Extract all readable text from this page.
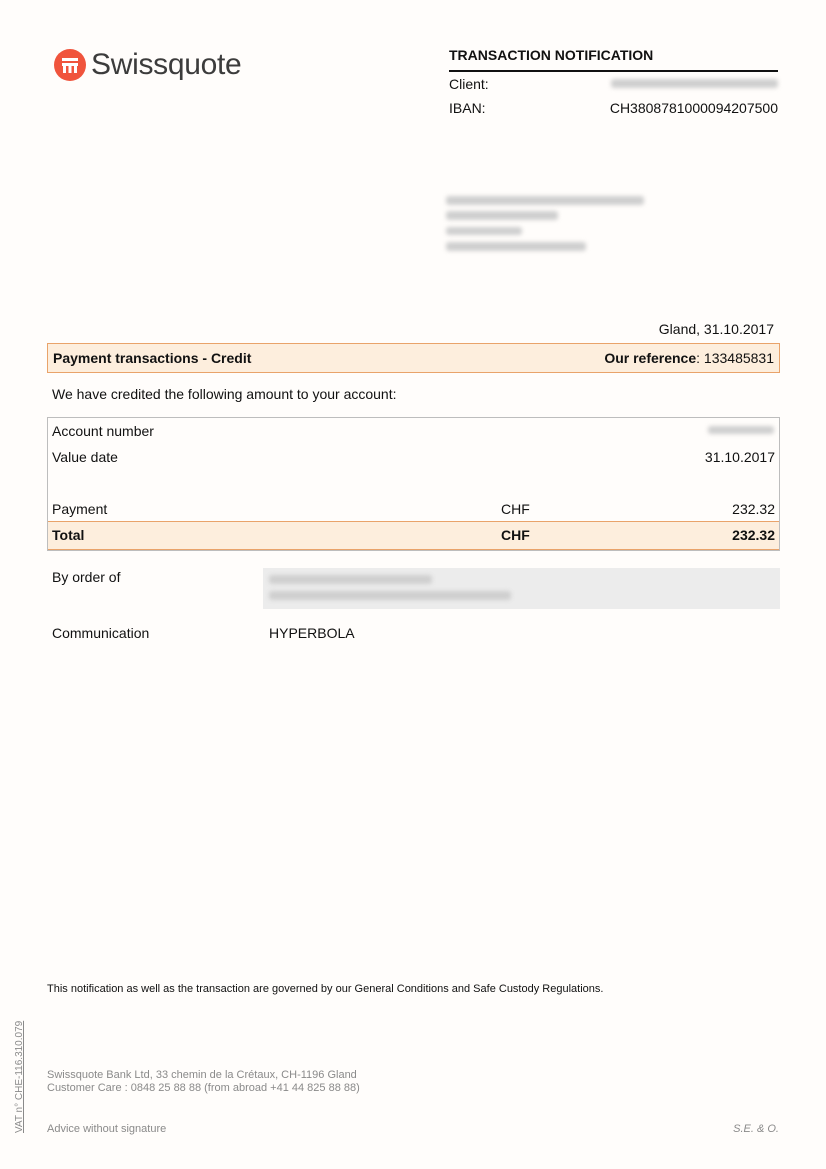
Swissquote	TRANSACTION NOTIFICATION
Client:
IBAN:	CH3808781000094207500
Gland, 31.10.2017
Payment transactions - Credit	Our reference: 133485831
We have credited the following amount to your account:
Account number
Value date	31.10.2017
Payment	CHF	232.32
Total	CHF	232.32
By order of
Communication	HYPERBOLA
This notification as well as the transaction are governed by our General Conditions and Safe Custody Regulations.
Swissquote Bank Ltd, 33 chemin de la Crétaux, CH-1196 Gland
Customer Care : 0848 25 88 88 (from abroad +41 44 825 88 88)
Advice without signature	S.E. & O.
VAT n° CHE-116.310.079
